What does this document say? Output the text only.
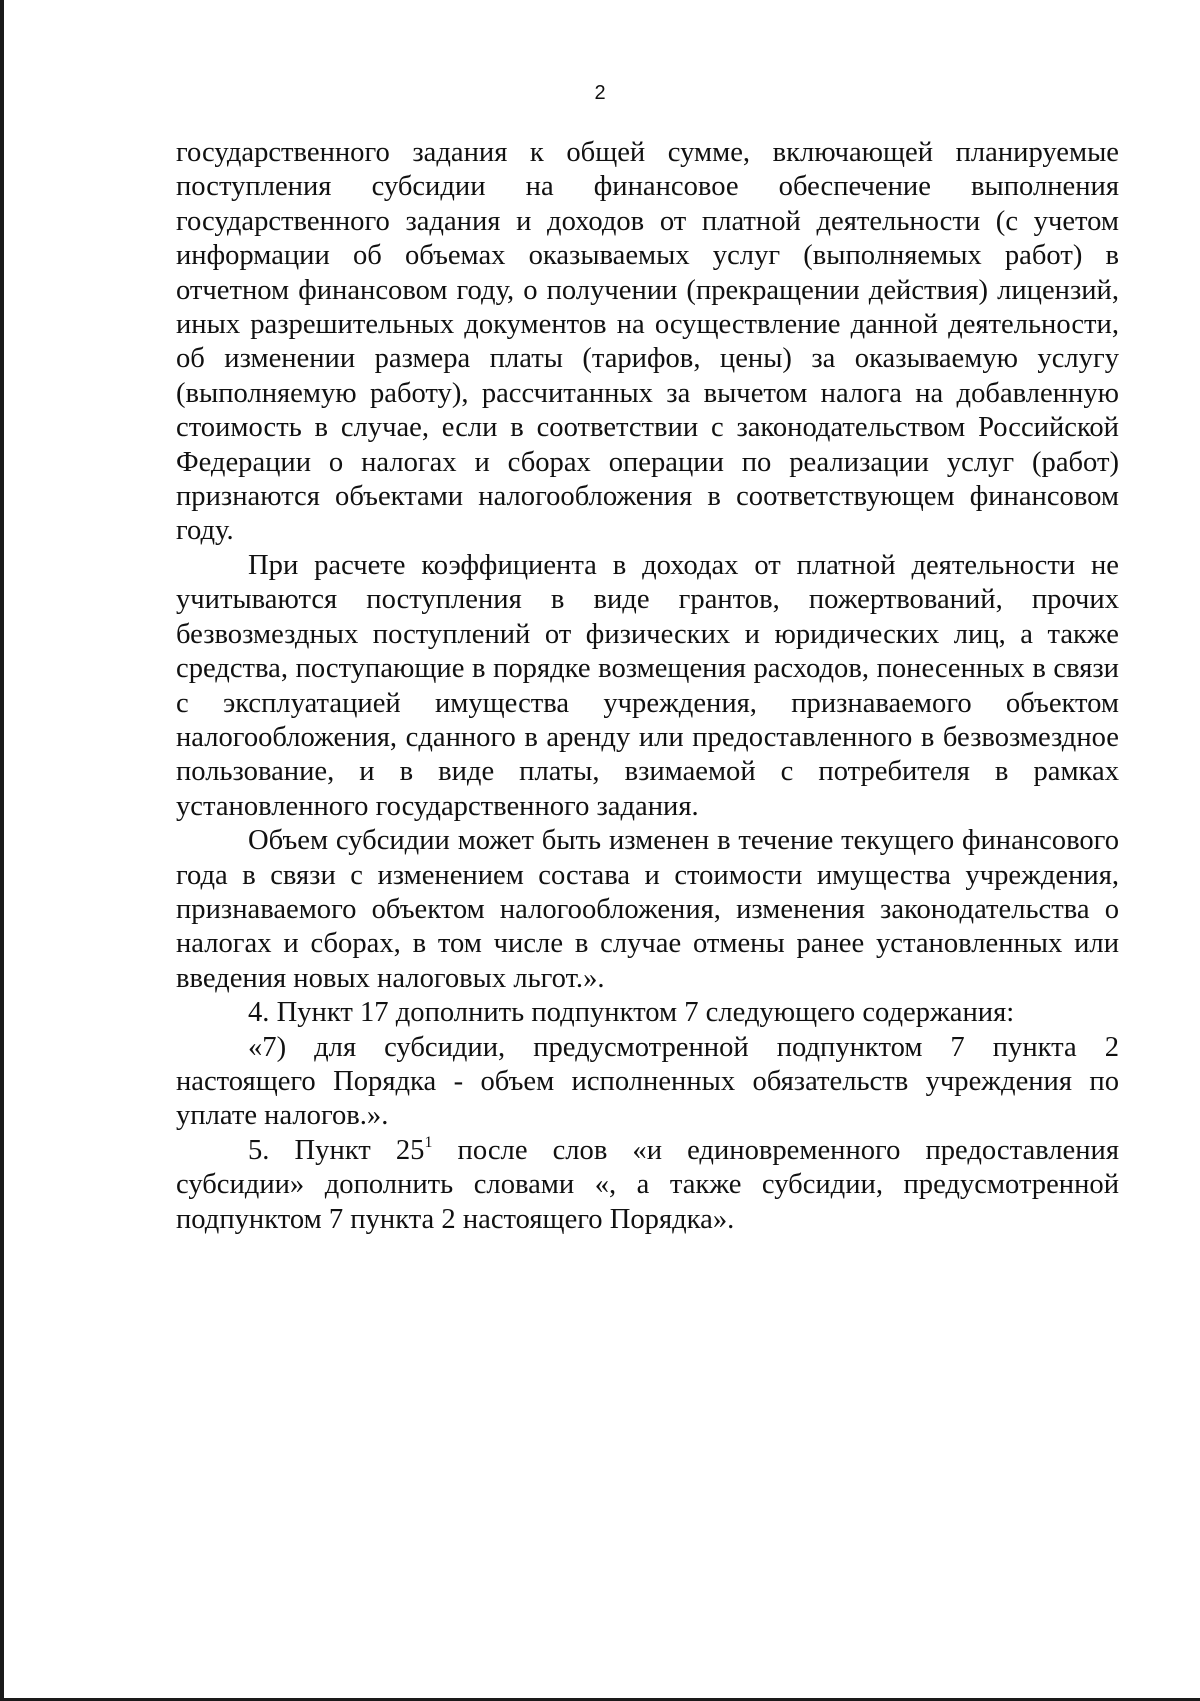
2

государственного задания к общей сумме, включающей планируемые поступления субсидии на финансовое обеспечение выполнения государственного задания и доходов от платной деятельности (с учетом информации об объемах оказываемых услуг (выполняемых работ) в отчетном финансовом году, о получении (прекращении действия) лицензий, иных разрешительных документов на осуществление данной деятельности, об изменении размера платы (тарифов, цены) за оказываемую услугу (выполняемую работу), рассчитанных за вычетом налога на добавленную стоимость в случае, если в соответствии с законодательством Российской Федерации о налогах и сборах операции по реализации услуг (работ) признаются объектами налогообложения в соответствующем финансовом году.

При расчете коэффициента в доходах от платной деятельности не учитываются поступления в виде грантов, пожертвований, прочих безвозмездных поступлений от физических и юридических лиц, а также средства, поступающие в порядке возмещения расходов, понесенных в связи с эксплуатацией имущества учреждения, признаваемого объектом налогообложения, сданного в аренду или предоставленного в безвозмездное пользование, и в виде платы, взимаемой с потребителя в рамках установленного государственного задания.

Объем субсидии может быть изменен в течение текущего финансового года в связи с изменением состава и стоимости имущества учреждения, признаваемого объектом налогообложения, изменения законодательства о налогах и сборах, в том числе в случае отмены ранее установленных или введения новых налоговых льгот.».

4. Пункт 17 дополнить подпунктом 7 следующего содержания:

«7) для субсидии, предусмотренной подпунктом 7 пункта 2 настоящего Порядка - объем исполненных обязательств учреждения по уплате налогов.».

5. Пункт $25^1$ после слов «и единовременного предоставления субсидии» дополнить словами «, а также субсидии, предусмотренной подпунктом 7 пункта 2 настоящего Порядка».
